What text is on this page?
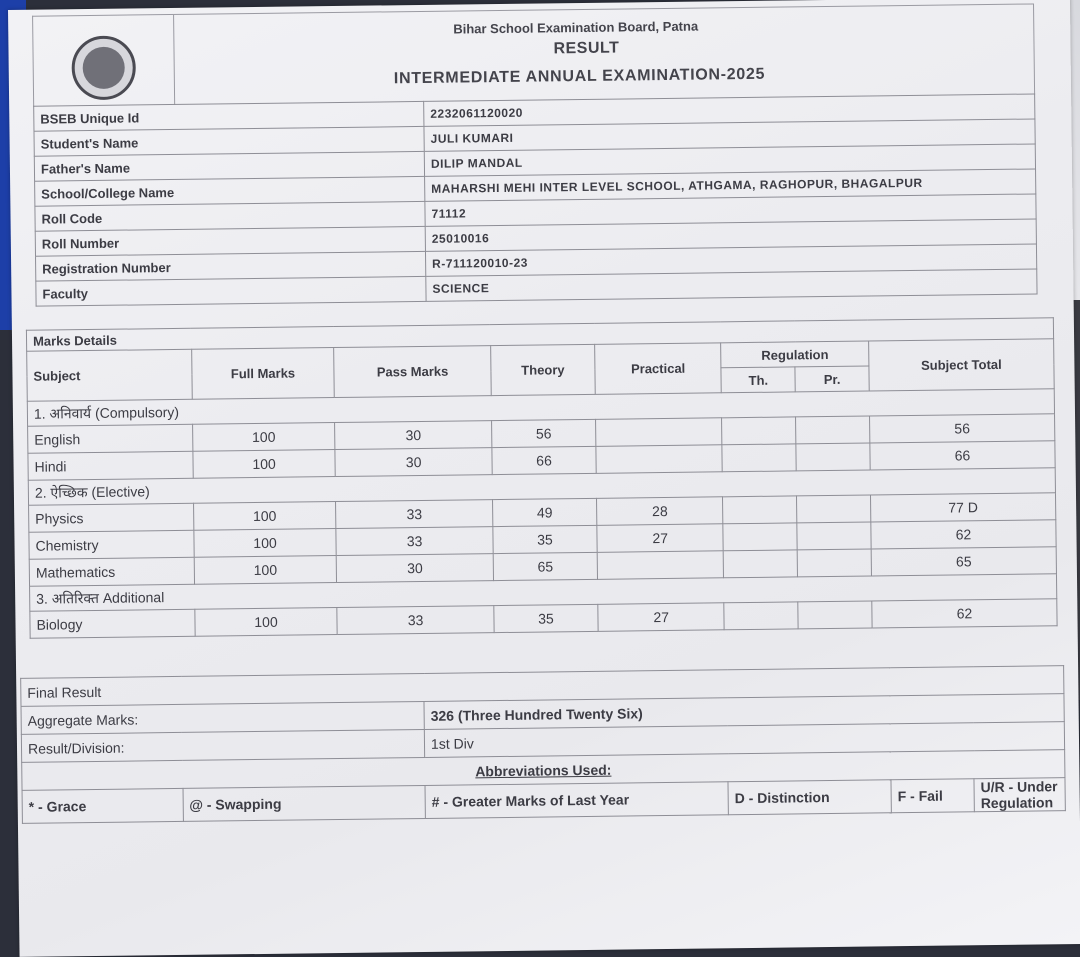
Bihar School Examination Board, Patna
RESULT
INTERMEDIATE ANNUAL EXAMINATION-2025
BSEB Unique Id	2232061120020
Student's Name	JULI KUMARI
Father's Name	DILIP MANDAL
School/College Name	MAHARSHI MEHI INTER LEVEL SCHOOL, ATHGAMA, RAGHOPUR, BHAGALPUR
Roll Code	71112
Roll Number	25010016
Registration Number	R-711120010-23
Faculty	SCIENCE
Marks Details							
Subject	Full Marks	Pass Marks	Theory	Practical	Regulation		Subject Total
					Th.	Pr.	
1. अनिवार्य (Compulsory)							
English	100	30	56				56
Hindi	100	30	66				66
2. ऐच्छिक (Elective)							
Physics	100	33	49	28			77 D
Chemistry	100	33	35	27			62
Mathematics	100	30	65				65
3. अतिरिक्त Additional							
Biology	100	33	35	27			62
Final Result					
Aggregate Marks:		326 (Three Hundred Twenty Six)			
Result/Division:		1st Div			
Abbreviations Used:					
* - Grace	@ - Swapping	# - Greater Marks of Last Year	D - Distinction	F - Fail	U/R - Under Regulation
